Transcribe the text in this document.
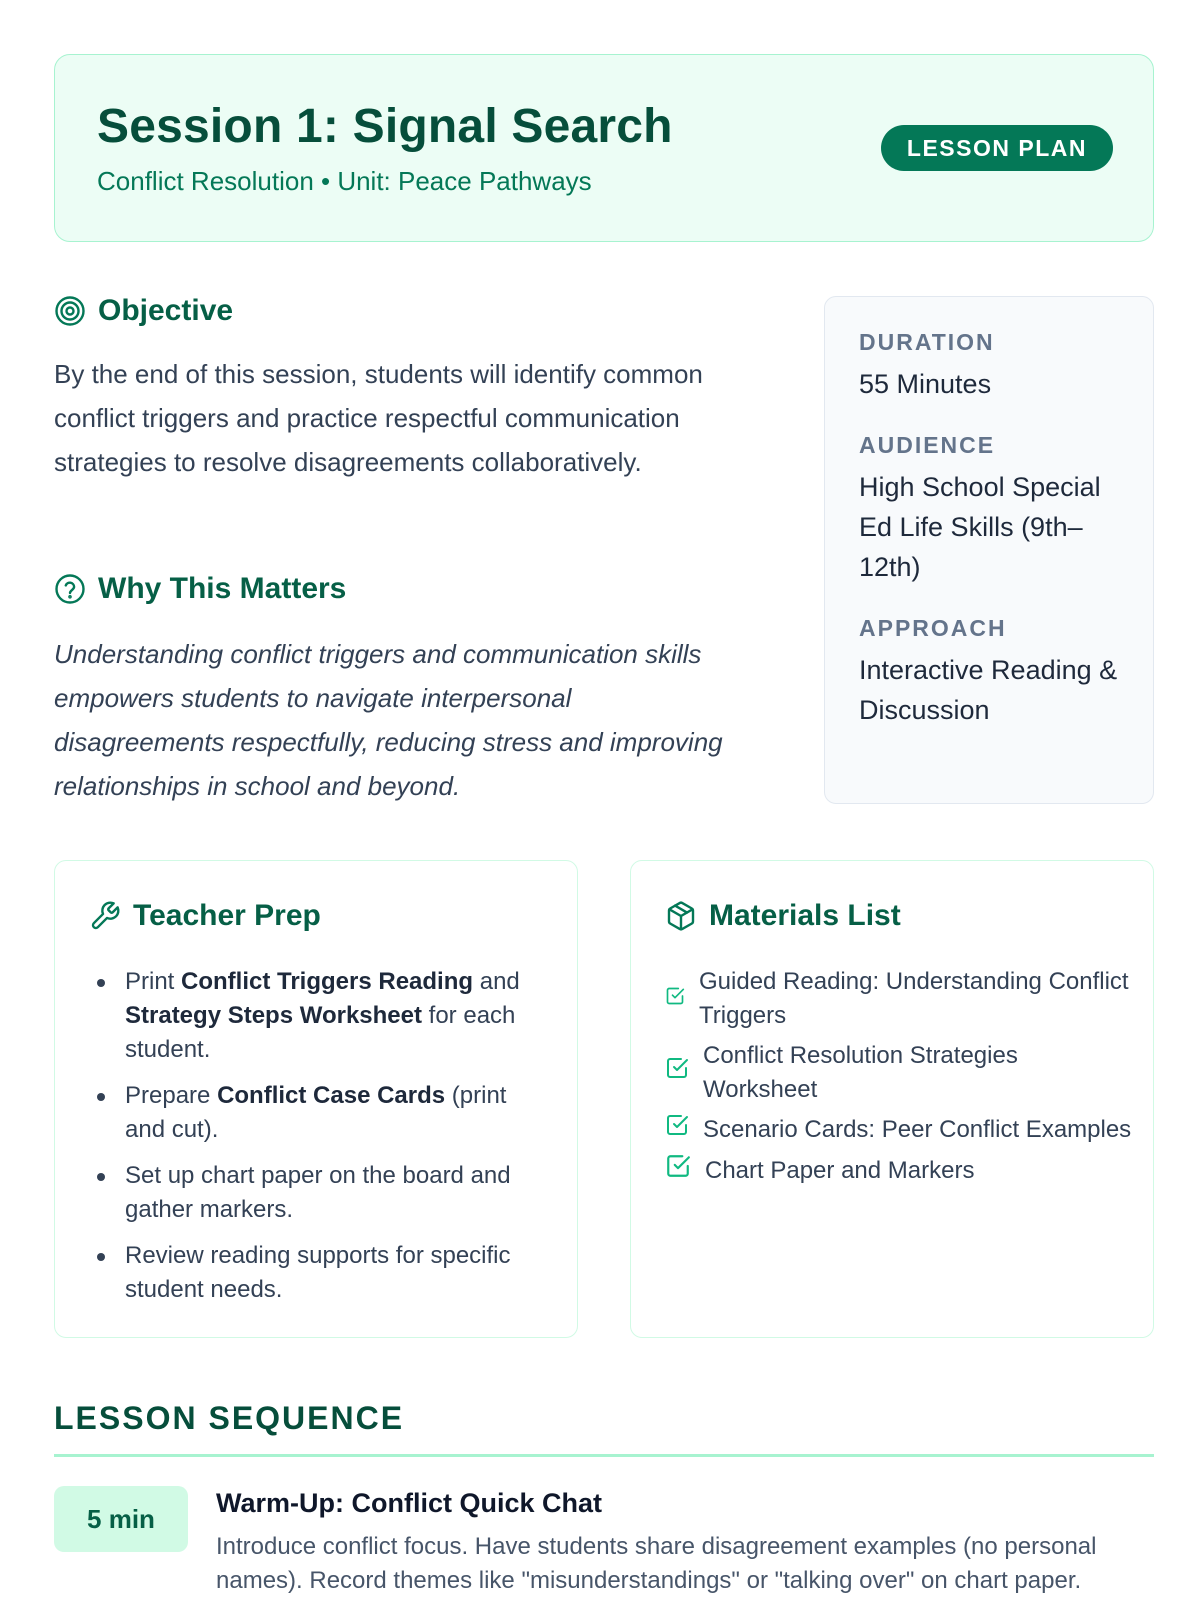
Session 1: Signal Search
Conflict Resolution • Unit: Peace Pathways
LESSON PLAN
Objective
By the end of this session, students will identify common conflict triggers and practice respectful communication strategies to resolve disagreements collaboratively.
Why This Matters
Understanding conflict triggers and communication skills empowers students to navigate interpersonal disagreements respectfully, reducing stress and improving relationships in school and beyond.
DURATION
55 Minutes
AUDIENCE
High School Special Ed Life Skills (9th–12th)
APPROACH
Interactive Reading & Discussion
Teacher Prep
Print Conflict Triggers Reading and Strategy Steps Worksheet for each student.
Prepare Conflict Case Cards (print and cut).
Set up chart paper on the board and gather markers.
Review reading supports for specific student needs.
Materials List
Guided Reading: Understanding Conflict Triggers
Conflict Resolution Strategies Worksheet
Scenario Cards: Peer Conflict Examples
Chart Paper and Markers
LESSON SEQUENCE
5 min
Warm-Up: Conflict Quick Chat
Introduce conflict focus. Have students share disagreement examples (no personal names). Record themes like "misunderstandings" or "talking over" on chart paper.
